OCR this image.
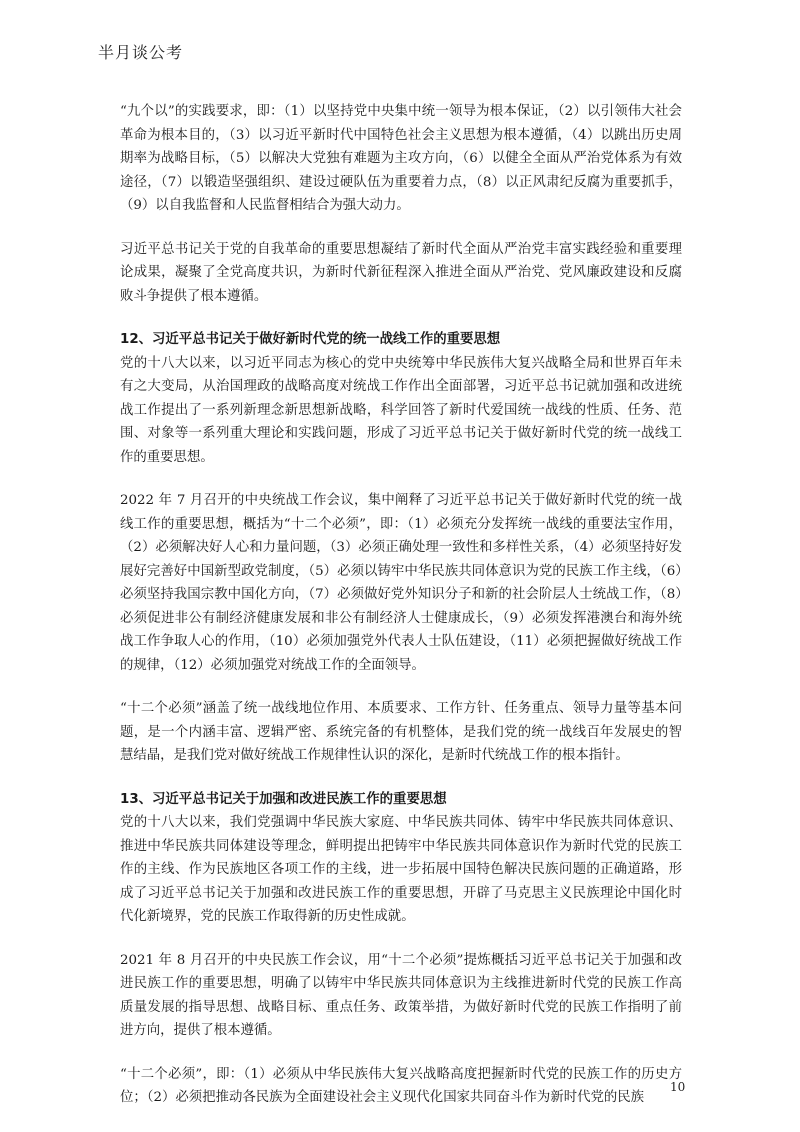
半月谈公考

“九个以”的实践要求，即：（1）以坚持党中央集中统一领导为根本保证，（2）以引领伟大社会革命为根本目的，（3）以习近平新时代中国特色社会主义思想为根本遵循，（4）以跳出历史周期率为战略目标，（5）以解决大党独有难题为主攻方向，（6）以健全全面从严治党体系为有效途径，（7）以锻造坚强组织、建设过硬队伍为重要着力点，（8）以正风肃纪反腐为重要抓手，（9）以自我监督和人民监督相结合为强大动力。

习近平总书记关于党的自我革命的重要思想凝结了新时代全面从严治党丰富实践经验和重要理论成果，凝聚了全党高度共识，为新时代新征程深入推进全面从严治党、党风廉政建设和反腐败斗争提供了根本遵循。

12、习近平总书记关于做好新时代党的统一战线工作的重要思想

党的十八大以来，以习近平同志为核心的党中央统筹中华民族伟大复兴战略全局和世界百年未有之大变局，从治国理政的战略高度对统战工作作出全面部署，习近平总书记就加强和改进统战工作提出了一系列新理念新思想新战略，科学回答了新时代爱国统一战线的性质、任务、范围、对象等一系列重大理论和实践问题，形成了习近平总书记关于做好新时代党的统一战线工作的重要思想。

2022 年 7 月召开的中央统战工作会议，集中阐释了习近平总书记关于做好新时代党的统一战线工作的重要思想，概括为“十二个必须”，即：（1）必须充分发挥统一战线的重要法宝作用，（2）必须解决好人心和力量问题，（3）必须正确处理一致性和多样性关系，（4）必须坚持好发展好完善好中国新型政党制度，（5）必须以铸牢中华民族共同体意识为党的民族工作主线，（6）必须坚持我国宗教中国化方向，（7）必须做好党外知识分子和新的社会阶层人士统战工作，（8）必须促进非公有制经济健康发展和非公有制经济人士健康成长，（9）必须发挥港澳台和海外统战工作争取人心的作用，（10）必须加强党外代表人士队伍建设，（11）必须把握做好统战工作的规律，（12）必须加强党对统战工作的全面领导。

“十二个必须”涵盖了统一战线地位作用、本质要求、工作方针、任务重点、领导力量等基本问题，是一个内涵丰富、逻辑严密、系统完备的有机整体，是我们党的统一战线百年发展史的智慧结晶，是我们党对做好统战工作规律性认识的深化，是新时代统战工作的根本指针。

13、习近平总书记关于加强和改进民族工作的重要思想

党的十八大以来，我们党强调中华民族大家庭、中华民族共同体、铸牢中华民族共同体意识、推进中华民族共同体建设等理念，鲜明提出把铸牢中华民族共同体意识作为新时代党的民族工作的主线、作为民族地区各项工作的主线，进一步拓展中国特色解决民族问题的正确道路，形成了习近平总书记关于加强和改进民族工作的重要思想，开辟了马克思主义民族理论中国化时代化新境界，党的民族工作取得新的历史性成就。

2021 年 8 月召开的中央民族工作会议，用“十二个必须”提炼概括习近平总书记关于加强和改进民族工作的重要思想，明确了以铸牢中华民族共同体意识为主线推进新时代党的民族工作高质量发展的指导思想、战略目标、重点任务、政策举措，为做好新时代党的民族工作指明了前进方向，提供了根本遵循。

“十二个必须”，即：（1）必须从中华民族伟大复兴战略高度把握新时代党的民族工作的历史方位；（2）必须把推动各民族为全面建设社会主义现代化国家共同奋斗作为新时代党的民族

10
